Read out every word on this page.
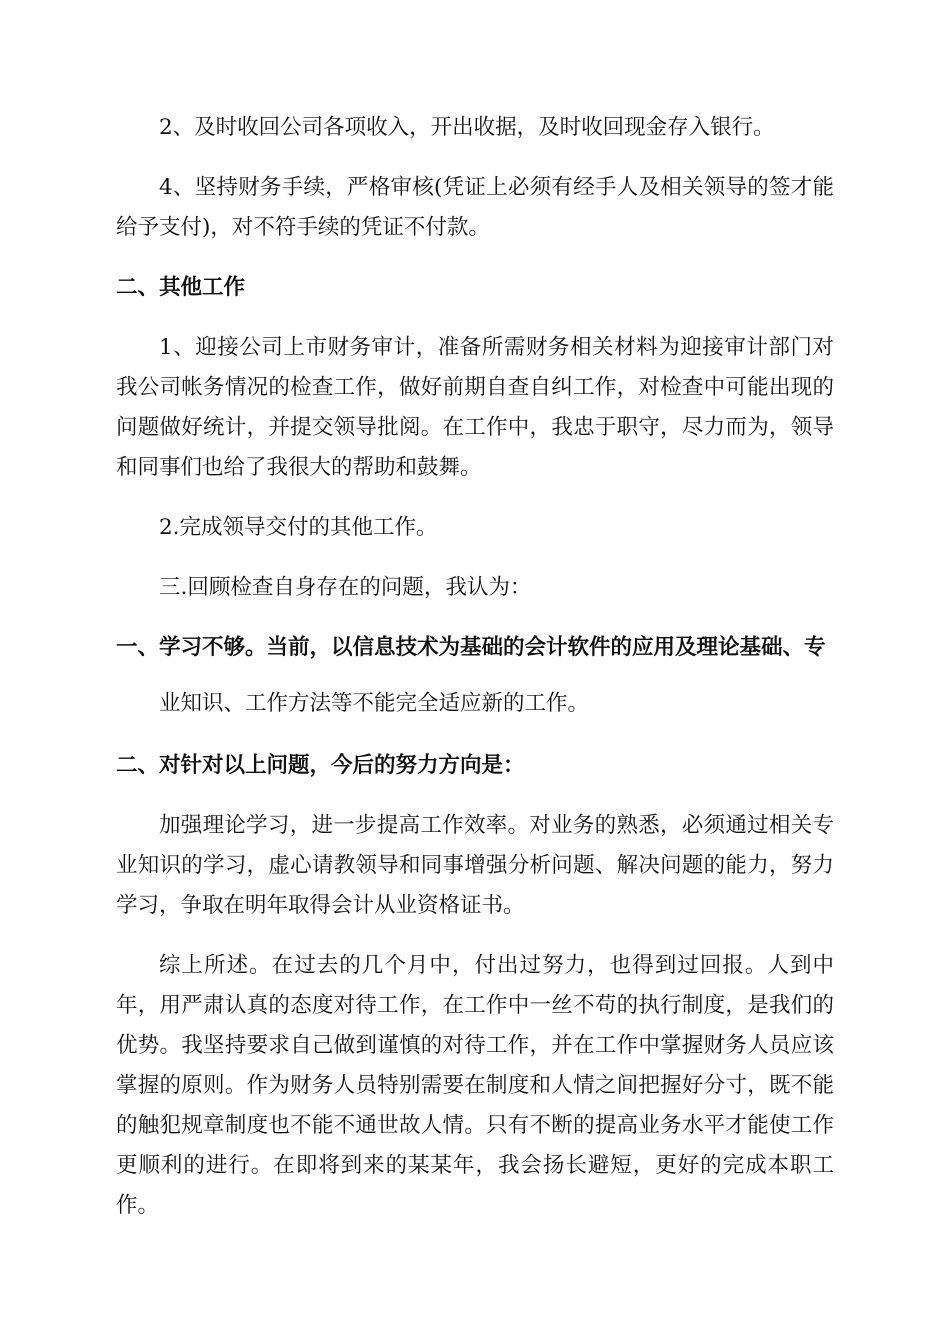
2、及时收回公司各项收入，开出收据，及时收回现金存入银行。

4、坚持财务手续，严格审核(凭证上必须有经手人及相关领导的签才能给予支付)，对不符手续的凭证不付款。

二、其他工作

1、迎接公司上市财务审计，准备所需财务相关材料为迎接审计部门对我公司帐务情况的检查工作，做好前期自查自纠工作，对检查中可能出现的问题做好统计，并提交领导批阅。在工作中，我忠于职守，尽力而为，领导和同事们也给了我很大的帮助和鼓舞。

2.完成领导交付的其他工作。

三.回顾检查自身存在的问题，我认为：

一、学习不够。当前，以信息技术为基础的会计软件的应用及理论基础、专

业知识、工作方法等不能完全适应新的工作。

二、对针对以上问题，今后的努力方向是：

加强理论学习，进一步提高工作效率。对业务的熟悉，必须通过相关专业知识的学习，虚心请教领导和同事增强分析问题、解决问题的能力，努力学习，争取在明年取得会计从业资格证书。

综上所述。在过去的几个月中，付出过努力，也得到过回报。人到中年，用严肃认真的态度对待工作，在工作中一丝不苟的执行制度，是我们的优势。我坚持要求自己做到谨慎的对待工作，并在工作中掌握财务人员应该掌握的原则。作为财务人员特别需要在制度和人情之间把握好分寸，既不能的触犯规章制度也不能不通世故人情。只有不断的提高业务水平才能使工作更顺利的进行。在即将到来的某某年，我会扬长避短，更好的完成本职工作。
